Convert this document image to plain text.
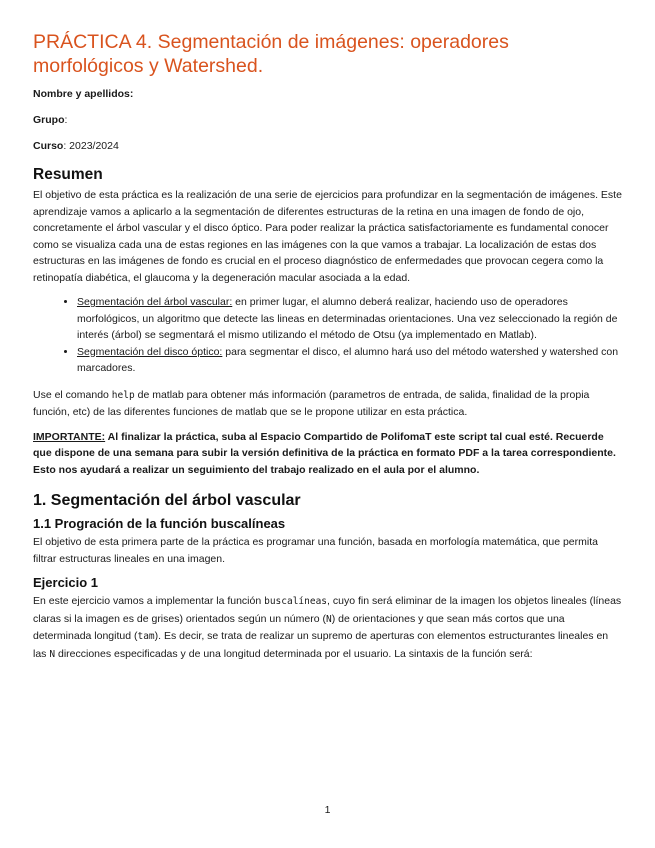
PRÁCTICA 4. Segmentación de imágenes: operadores morfológicos y Watershed.
Nombre y apellidos:
Grupo:
Curso: 2023/2024
Resumen

El objetivo de esta práctica es la realización de una serie de ejercicios para profundizar en la segmentación de imágenes. Este aprendizaje vamos a aplicarlo a la segmentación de diferentes estructuras de la retina en una imagen de fondo de ojo, concretamente el árbol vascular y el disco óptico. Para poder realizar la práctica satisfactoriamente es fundamental conocer como se visualiza cada una de estas regiones en las imágenes con la que vamos a trabajar. La localización de estas dos estructuras en las imágenes de fondo es crucial en el proceso diagnóstico de enfermedades que provocan cegera como la retinopatía diabética, el glaucoma y la degeneración macular asociada a la edad.

• Segmentación del árbol vascular: en primer lugar, el alumno deberá realizar, haciendo uso de operadores morfológicos, un algoritmo que detecte las lineas en determinadas orientaciones. Una vez seleccionado la región de interés (árbol) se segmentará el mismo utilizando el método de Otsu (ya implementado en Matlab).
• Segmentación del disco óptico: para segmentar el disco, el alumno hará uso del método watershed y watershed con marcadores.

Use el comando help de matlab para obtener más información (parametros de entrada, de salida, finalidad de la propia función, etc) de las diferentes funciones de matlab que se le propone utilizar en esta práctica.

IMPORTANTE: Al finalizar la práctica, suba al Espacio Compartido de PolifomaT este script tal cual esté. Recuerde que dispone de una semana para subir la versión definitiva de la práctica en formato PDF a la tarea correspondiente. Esto nos ayudará a realizar un seguimiento del trabajo realizado en el aula por el alumno.

1. Segmentación del árbol vascular
1.1 Progración de la función buscalíneas

El objetivo de esta primera parte de la práctica es programar una función, basada en morfología matemática, que permita filtrar estructuras lineales en una imagen.

Ejercicio 1

En este ejercicio vamos a implementar la función buscalíneas, cuyo fin será eliminar de la imagen los objetos lineales (líneas claras si la imagen es de grises) orientados según un número (N) de orientaciones y que sean más cortos que una determinada longitud (tam). Es decir, se trata de realizar un supremo de aperturas con elementos estructurantes lineales en las N direcciones especificadas y de una longitud determinada por el usuario. La sintaxis de la función será:

1
